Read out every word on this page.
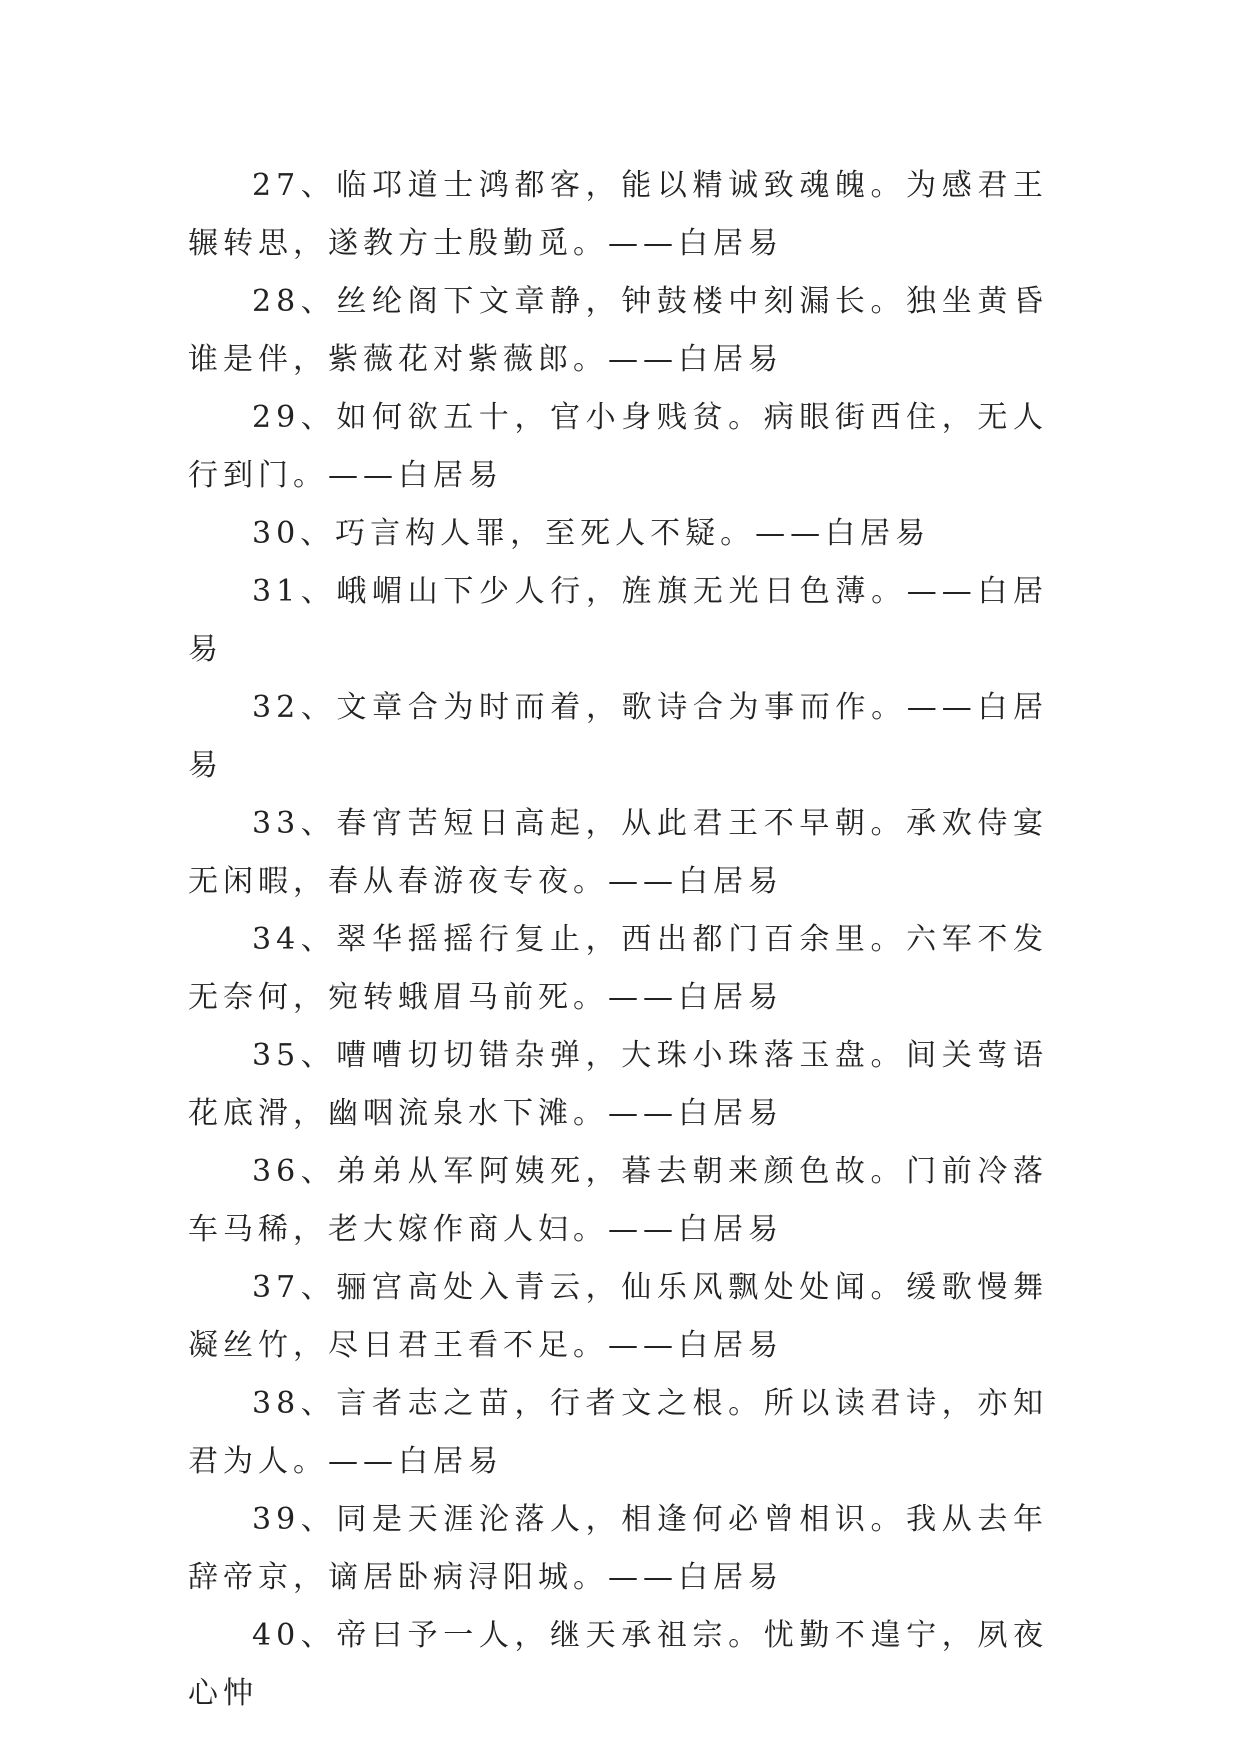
27、临邛道士鸿都客，能以精诚致魂魄。为感君王辗转思，遂教方士殷勤觅。——白居易

28、丝纶阁下文章静，钟鼓楼中刻漏长。独坐黄昏谁是伴，紫薇花对紫薇郎。——白居易

29、如何欲五十，官小身贱贫。病眼街西住，无人行到门。——白居易

30、巧言构人罪，至死人不疑。——白居易

31、峨嵋山下少人行，旌旗无光日色薄。——白居易

32、文章合为时而着，歌诗合为事而作。——白居易

33、春宵苦短日高起，从此君王不早朝。承欢侍宴无闲暇，春从春游夜专夜。——白居易

34、翠华摇摇行复止，西出都门百余里。六军不发无奈何，宛转蛾眉马前死。——白居易

35、嘈嘈切切错杂弹，大珠小珠落玉盘。间关莺语花底滑，幽咽流泉水下滩。——白居易

36、弟弟从军阿姨死，暮去朝来颜色故。门前冷落车马稀，老大嫁作商人妇。——白居易

37、骊宫高处入青云，仙乐风飘处处闻。缓歌慢舞凝丝竹，尽日君王看不足。——白居易

38、言者志之苗，行者文之根。所以读君诗，亦知君为人。——白居易

39、同是天涯沦落人，相逢何必曾相识。我从去年辞帝京，谪居卧病浔阳城。——白居易

40、帝曰予一人，继天承祖宗。忧勤不遑宁，夙夜心忡
